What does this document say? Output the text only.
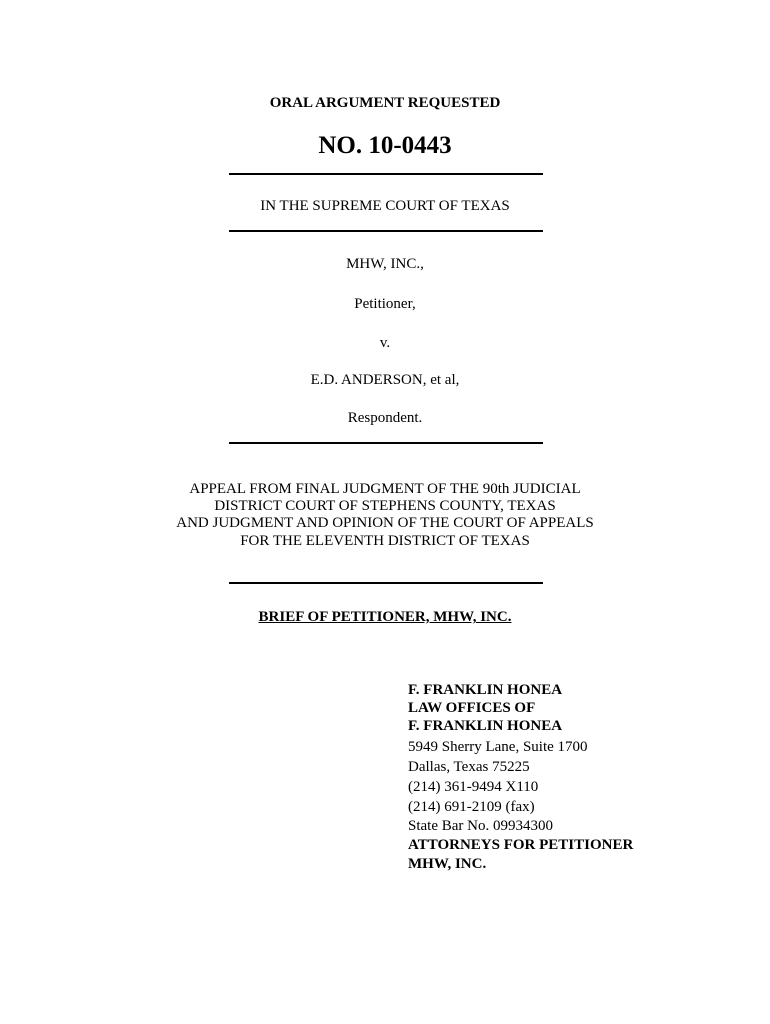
ORAL ARGUMENT REQUESTED
NO. 10-0443
IN THE SUPREME COURT OF TEXAS
MHW, INC.,
Petitioner,
v.
E.D. ANDERSON, et al,
Respondent.
APPEAL FROM FINAL JUDGMENT OF THE 90th JUDICIAL
DISTRICT COURT OF STEPHENS COUNTY, TEXAS
AND JUDGMENT AND OPINION OF THE COURT OF APPEALS
FOR THE ELEVENTH DISTRICT OF TEXAS
BRIEF OF PETITIONER, MHW, INC.
F. FRANKLIN HONEA
LAW OFFICES OF
F. FRANKLIN HONEA
5949 Sherry Lane, Suite 1700
Dallas, Texas 75225
(214) 361-9494 X110
(214) 691-2109 (fax)
State Bar No. 09934300
ATTORNEYS FOR PETITIONER
MHW, INC.
